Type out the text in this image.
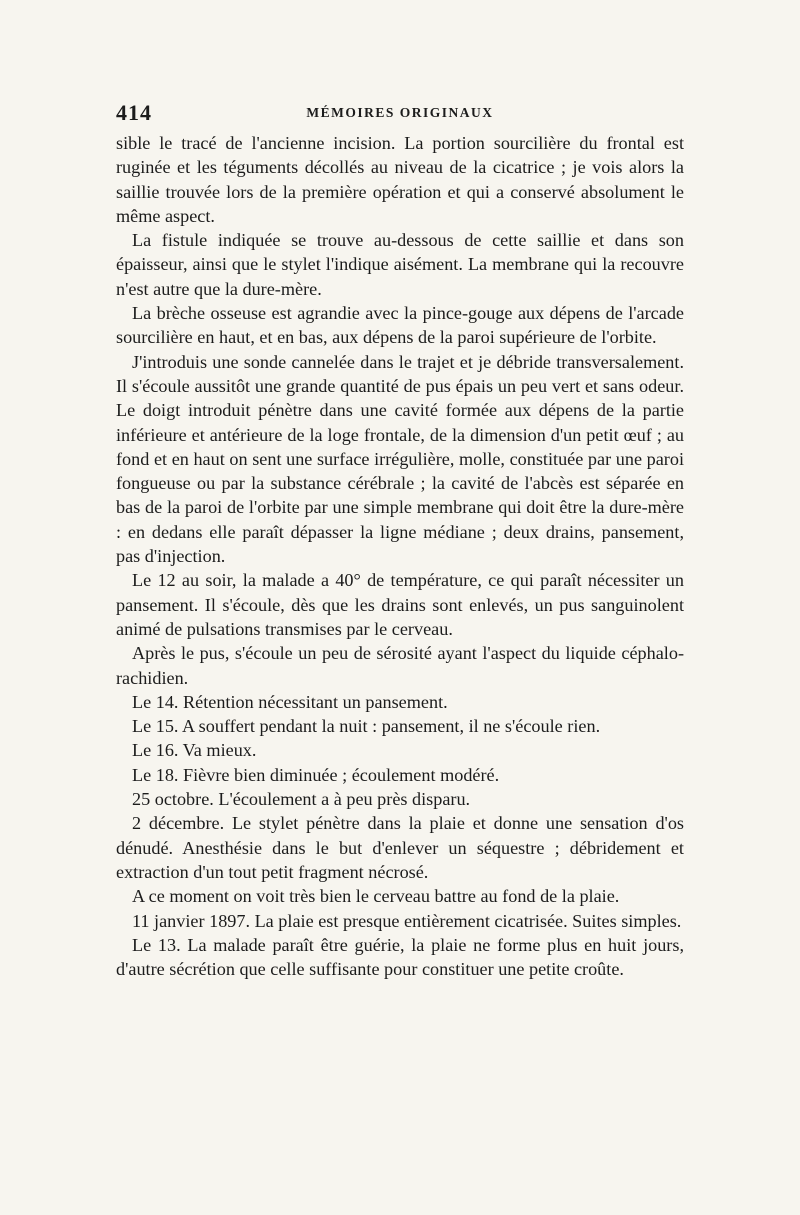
414	MÉMOIRES ORIGINAUX

sible le tracé de l'ancienne incision. La portion sourcilière du frontal est ruginée et les téguments décollés au niveau de la cicatrice ; je vois alors la saillie trouvée lors de la première opération et qui a conservé absolument le même aspect.

La fistule indiquée se trouve au-dessous de cette saillie et dans son épaisseur, ainsi que le stylet l'indique aisément. La membrane qui la recouvre n'est autre que la dure-mère.

La brèche osseuse est agrandie avec la pince-gouge aux dépens de l'arcade sourcilière en haut, et en bas, aux dépens de la paroi supérieure de l'orbite.

J'introduis une sonde cannelée dans le trajet et je débride transversalement. Il s'écoule aussitôt une grande quantité de pus épais un peu vert et sans odeur. Le doigt introduit pénètre dans une cavité formée aux dépens de la partie inférieure et antérieure de la loge frontale, de la dimension d'un petit œuf ; au fond et en haut on sent une surface irrégulière, molle, constituée par une paroi fongueuse ou par la substance cérébrale ; la cavité de l'abcès est séparée en bas de la paroi de l'orbite par une simple membrane qui doit être la dure-mère : en dedans elle paraît dépasser la ligne médiane ; deux drains, pansement, pas d'injection.

Le 12 au soir, la malade a 40° de température, ce qui paraît nécessiter un pansement. Il s'écoule, dès que les drains sont enlevés, un pus sanguinolent animé de pulsations transmises par le cerveau.

Après le pus, s'écoule un peu de sérosité ayant l'aspect du liquide céphalo-rachidien.

Le 14. Rétention nécessitant un pansement.

Le 15. A souffert pendant la nuit : pansement, il ne s'écoule rien.

Le 16. Va mieux.

Le 18. Fièvre bien diminuée ; écoulement modéré.

25 octobre. L'écoulement a à peu près disparu.

2 décembre. Le stylet pénètre dans la plaie et donne une sensation d'os dénudé. Anesthésie dans le but d'enlever un séquestre ; débridement et extraction d'un tout petit fragment nécrosé.

A ce moment on voit très bien le cerveau battre au fond de la plaie.

11 janvier 1897. La plaie est presque entièrement cicatrisée. Suites simples.

Le 13. La malade paraît être guérie, la plaie ne forme plus en huit jours, d'autre sécrétion que celle suffisante pour constituer une petite croûte.
